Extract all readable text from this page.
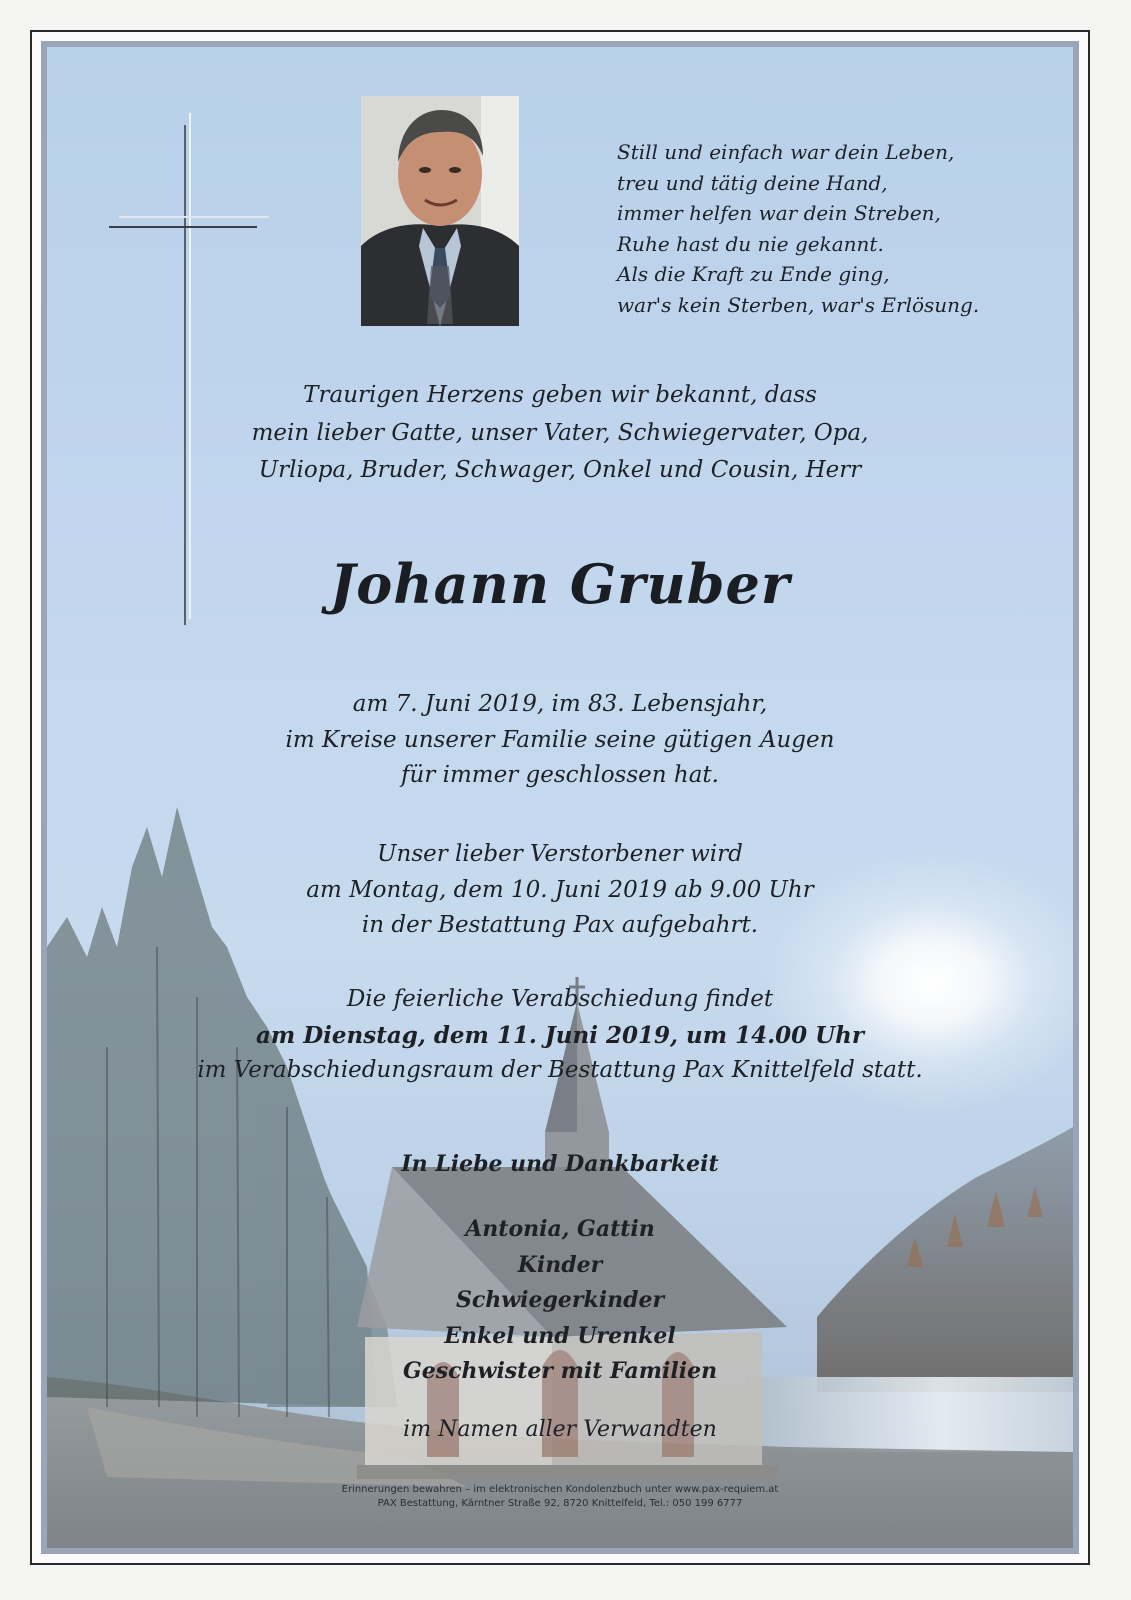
Still und einfach war dein Leben,
treu und tätig deine Hand,
immer helfen war dein Streben,
Ruhe hast du nie gekannt.
Als die Kraft zu Ende ging,
war's kein Sterben, war's Erlösung.
Traurigen Herzens geben wir bekannt, dass
mein lieber Gatte, unser Vater, Schwiegervater, Opa,
Urliopa, Bruder, Schwager, Onkel und Cousin, Herr
Johann Gruber
am 7. Juni 2019, im 83. Lebensjahr,
im Kreise unserer Familie seine gütigen Augen
für immer geschlossen hat.
Unser lieber Verstorbener wird
am Montag, dem 10. Juni 2019 ab 9.00 Uhr
in der Bestattung Pax aufgebahrt.
Die feierliche Verabschiedung findet
am Dienstag, dem 11. Juni 2019, um 14.00 Uhr
im Verabschiedungsraum der Bestattung Pax Knittelfeld statt.
In Liebe und Dankbarkeit
Antonia, Gattin
Kinder
Schwiegerkinder
Enkel und Urenkel
Geschwister mit Familien
im Namen aller Verwandten
Erinnerungen bewahren – im elektronischen Kondolenzbuch unter www.pax-requiem.at
PAX Bestattung, Kärntner Straße 92, 8720 Knittelfeld, Tel.: 050 199 6777
